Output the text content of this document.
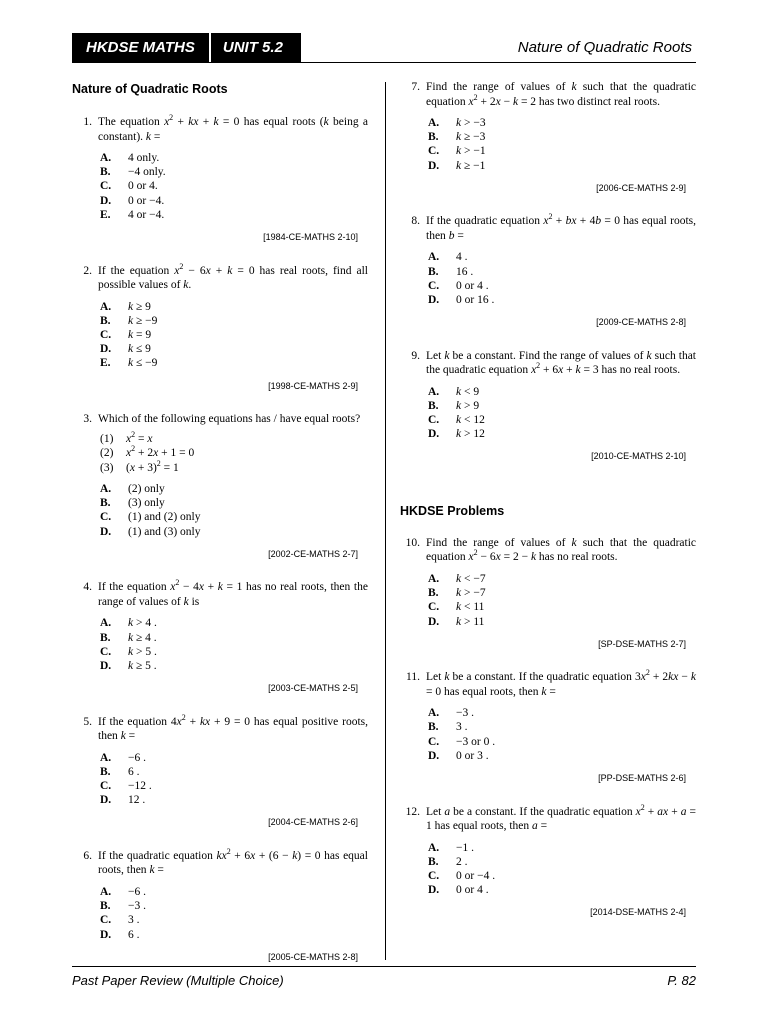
HKDSE MATHS	UNIT 5.2	Nature of Quadratic Roots
Nature of Quadratic Roots
1. The equation $x^2$ + kx + k = 0 has equal roots (k being a constant). k =
A.	4 only.
B.	−4 only.
C.	0 or 4.
D.	0 or −4.
E.	4 or −4.
[1984-CE-MATHS 2-10]
2. If the equation $x^2 - 6x + k = 0$ has real roots, find all possible values of k.
A.	k ≥ 9
B.	k ≥ −9
C.	k = 9
D.	k ≤ 9
E.	k ≤ −9
[1998-CE-MATHS 2-9]
3. Which of the following equations has / have equal roots?
(1)	$x^2 = x$
(2)	$x^2 + 2x + 1 = 0$
(3)	$(x + 3)^2 = 1$
A.	(2) only
B.	(3) only
C.	(1) and (2) only
D.	(1) and (3) only
[2002-CE-MATHS 2-7]
4. If the equation $x^2 - 4x + k = 1$ has no real roots, then the range of values of k is
A.	k > 4 .
B.	k ≥ 4 .
C.	k > 5 .
D.	k ≥ 5 .
[2003-CE-MATHS 2-5]
5. If the equation $4x^2$ + kx + 9 = 0 has equal positive roots, then k =
A.	−6 .
B.	6 .
C.	−12 .
D.	12 .
[2004-CE-MATHS 2-6]
6. If the quadratic equation $kx^2 + 6x + (6 - k) = 0$ has equal roots, then k =
A.	−6 .
B.	−3 .
C.	3 .
D.	6 .
[2005-CE-MATHS 2-8]
7. Find the range of values of k such that the quadratic equation $x^2 + 2x - k = 2$ has two distinct real roots.
A.	k > −3
B.	k ≥ −3
C.	k > −1
D.	k ≥ −1
[2006-CE-MATHS 2-9]
8. If the quadratic equation $x^2$ + bx + 4b = 0 has equal roots, then b =
A.	4 .
B.	16 .
C.	0 or 4 .
D.	0 or 16 .
[2009-CE-MATHS 2-8]
9. Let k be a constant. Find the range of values of k such that the quadratic equation $x^2 + 6x + k = 3$ has no real roots.
A.	k < 9
B.	k > 9
C.	k < 12
D.	k > 12
[2010-CE-MATHS 2-10]
HKDSE Problems
10. Find the range of values of k such that the quadratic equation $x^2 - 6x = 2 - k$ has no real roots.
A.	k < −7
B.	k > −7
C.	k < 11
D.	k > 11
[SP-DSE-MATHS 2-7]
11. Let k be a constant. If the quadratic equation $3x^2 + 2kx - k = 0$ has equal roots, then k =
A.	−3 .
B.	3 .
C.	−3 or 0 .
D.	0 or 3 .
[PP-DSE-MATHS 2-6]
12. Let a be a constant. If the quadratic equation $x^2$ + ax + a = 1 has equal roots, then a =
A.	−1 .
B.	2 .
C.	0 or −4 .
D.	0 or 4 .
[2014-DSE-MATHS 2-4]
Past Paper Review (Multiple Choice)	P. 82
